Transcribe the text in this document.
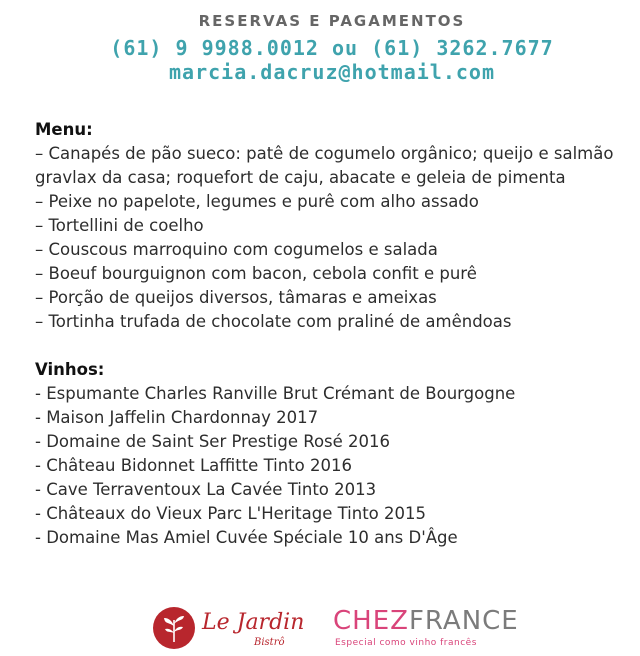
RESERVAS E PAGAMENTOS
(61) 9 9988.0012 ou (61) 3262.7677
marcia.dacruz@hotmail.com
Menu:
– Canapés de pão sueco: patê de cogumelo orgânico; queijo e salmão gravlax da casa; roquefort de caju, abacate e geleia de pimenta
– Peixe no papelote, legumes e purê com alho assado
– Tortellini de coelho
– Couscous marroquino com cogumelos e salada
– Boeuf bourguignon com bacon, cebola confit e purê
– Porção de queijos diversos, tâmaras e ameixas
– Tortinha trufada de chocolate com praliné de amêndoas
Vinhos:
- Espumante Charles Ranville Brut Crémant de Bourgogne
- Maison Jaffelin Chardonnay 2017
- Domaine de Saint Ser Prestige Rosé 2016
- Château Bidonnet Laffitte Tinto 2016
- Cave Terraventoux La Cavée Tinto 2013
- Châteaux do Vieux Parc L'Heritage Tinto 2015
- Domaine Mas Amiel Cuvée Spéciale 10 ans D'Âge
Le Jardin
Bistrô
CHEZFRANCE
Especial como vinho francês
